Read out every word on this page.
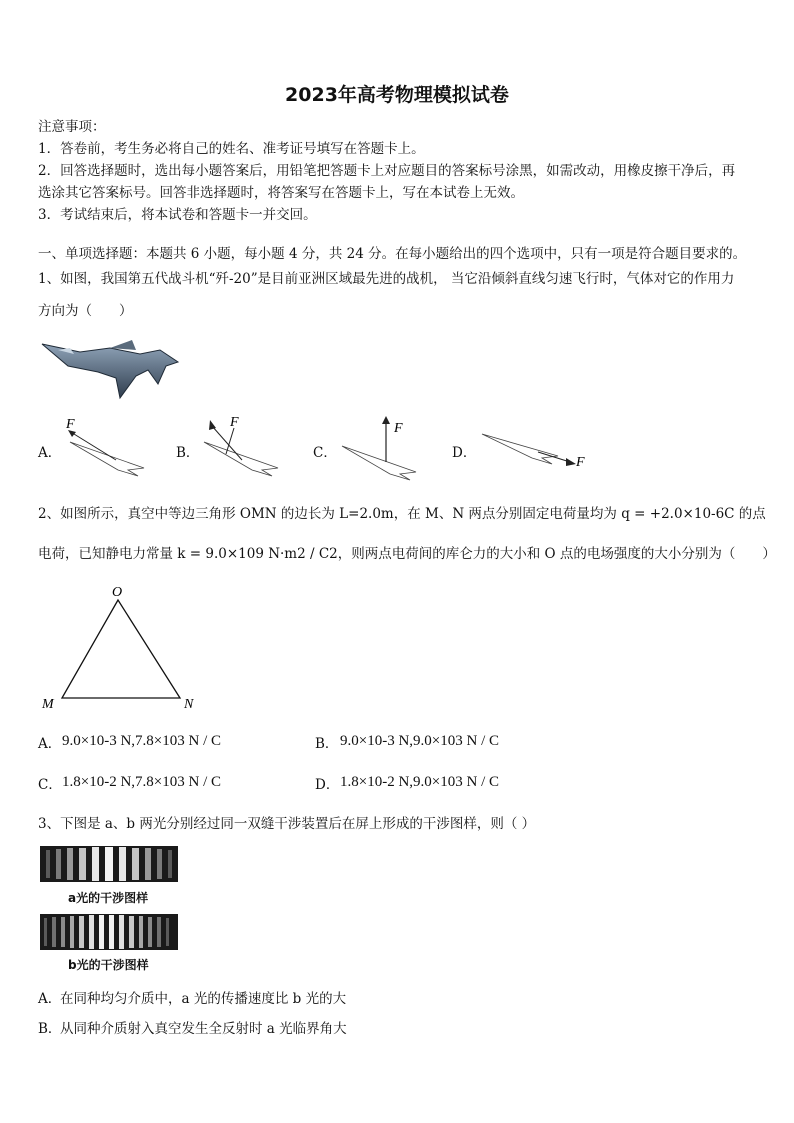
2023年高考物理模拟试卷
注意事项：
1．答卷前，考生务必将自己的姓名、准考证号填写在答题卡上。
2．回答选择题时，选出每小题答案后，用铅笔把答题卡上对应题目的答案标号涂黑，如需改动，用橡皮擦干净后，再
选涂其它答案标号。回答非选择题时，将答案写在答题卡上，写在本试卷上无效。
3．考试结束后，将本试卷和答题卡一并交回。
一、单项选择题：本题共 6 小题，每小题 4 分，共 24 分。在每小题给出的四个选项中，只有一项是符合题目要求的。
1、如图，我国第五代战斗机“歼-20”是目前亚洲区域最先进的战机， 当它沿倾斜直线匀速飞行时，气体对它的作用力
方向为（　　）
A．
F
B．
F
C．
F
D．
F
2、如图所示，真空中等边三角形 OMN 的边长为 L=2.0m，在 M、N 两点分别固定电荷量均为 q = +2.0×10-6C 的点
电荷，已知静电力常量 k = 9.0×109 N·m2 / C2，则两点电荷间的库仑力的大小和 O 点的电场强度的大小分别为（　　）
O
M	N
A． 9.0×10-3 N,7.8×103 N / C	B． 9.0×10-3 N,9.0×103 N / C
C． 1.8×10-2 N,7.8×103 N / C	D． 1.8×10-2 N,9.0×103 N / C
3、下图是 a、b 两光分别经过同一双缝干涉装置后在屏上形成的干涉图样，则（ ）
a光的干涉图样
b光的干涉图样
A．
在同种均匀介质中，a 光的传播速度比 b 光的大
B．
从同种介质射入真空发生全反射时 a 光临界角大
